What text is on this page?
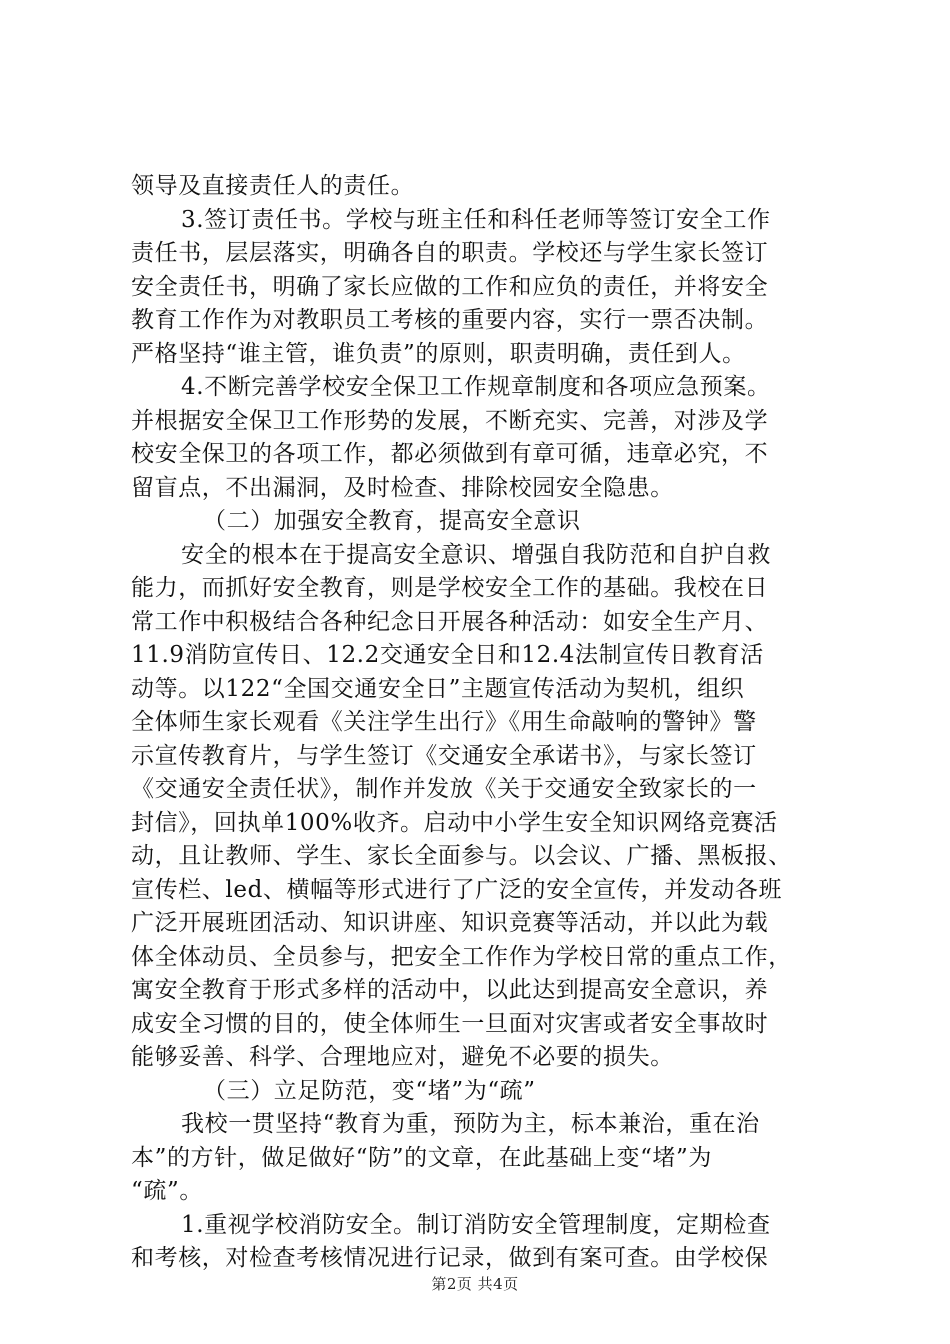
领导及直接责任人的责任。
3.签订责任书。学校与班主任和科任老师等签订安全工作
责任书，层层落实，明确各自的职责。学校还与学生家长签订
安全责任书，明确了家长应做的工作和应负的责任，并将安全
教育工作作为对教职员工考核的重要内容，实行一票否决制。
严格坚持“谁主管，谁负责”的原则，职责明确，责任到人。
4.不断完善学校安全保卫工作规章制度和各项应急预案。
并根据安全保卫工作形势的发展，不断充实、完善，对涉及学
校安全保卫的各项工作，都必须做到有章可循，违章必究，不
留盲点，不出漏洞，及时检查、排除校园安全隐患。
（二）加强安全教育，提高安全意识
安全的根本在于提高安全意识、增强自我防范和自护自救
能力，而抓好安全教育，则是学校安全工作的基础。我校在日
常工作中积极结合各种纪念日开展各种活动：如安全生产月、
11.9消防宣传日、12.2交通安全日和12.4法制宣传日教育活
动等。以122“全国交通安全日”主题宣传活动为契机，组织
全体师生家长观看《关注学生出行》《用生命敲响的警钟》警
示宣传教育片，与学生签订《交通安全承诺书》，与家长签订
《交通安全责任状》，制作并发放《关于交通安全致家长的一
封信》，回执单100%收齐。启动中小学生安全知识网络竞赛活
动，且让教师、学生、家长全面参与。以会议、广播、黑板报、
宣传栏、led、横幅等形式进行了广泛的安全宣传，并发动各班
广泛开展班团活动、知识讲座、知识竞赛等活动，并以此为载
体全体动员、全员参与，把安全工作作为学校日常的重点工作，
寓安全教育于形式多样的活动中，以此达到提高安全意识，养
成安全习惯的目的，使全体师生一旦面对灾害或者安全事故时
能够妥善、科学、合理地应对，避免不必要的损失。
（三）立足防范，变“堵”为“疏”
我校一贯坚持“教育为重，预防为主，标本兼治，重在治
本”的方针，做足做好“防”的文章，在此基础上变“堵”为
“疏”。
1.重视学校消防安全。制订消防安全管理制度，定期检查
和考核，对检查考核情况进行记录，做到有案可查。由学校保
第2页 共4页
